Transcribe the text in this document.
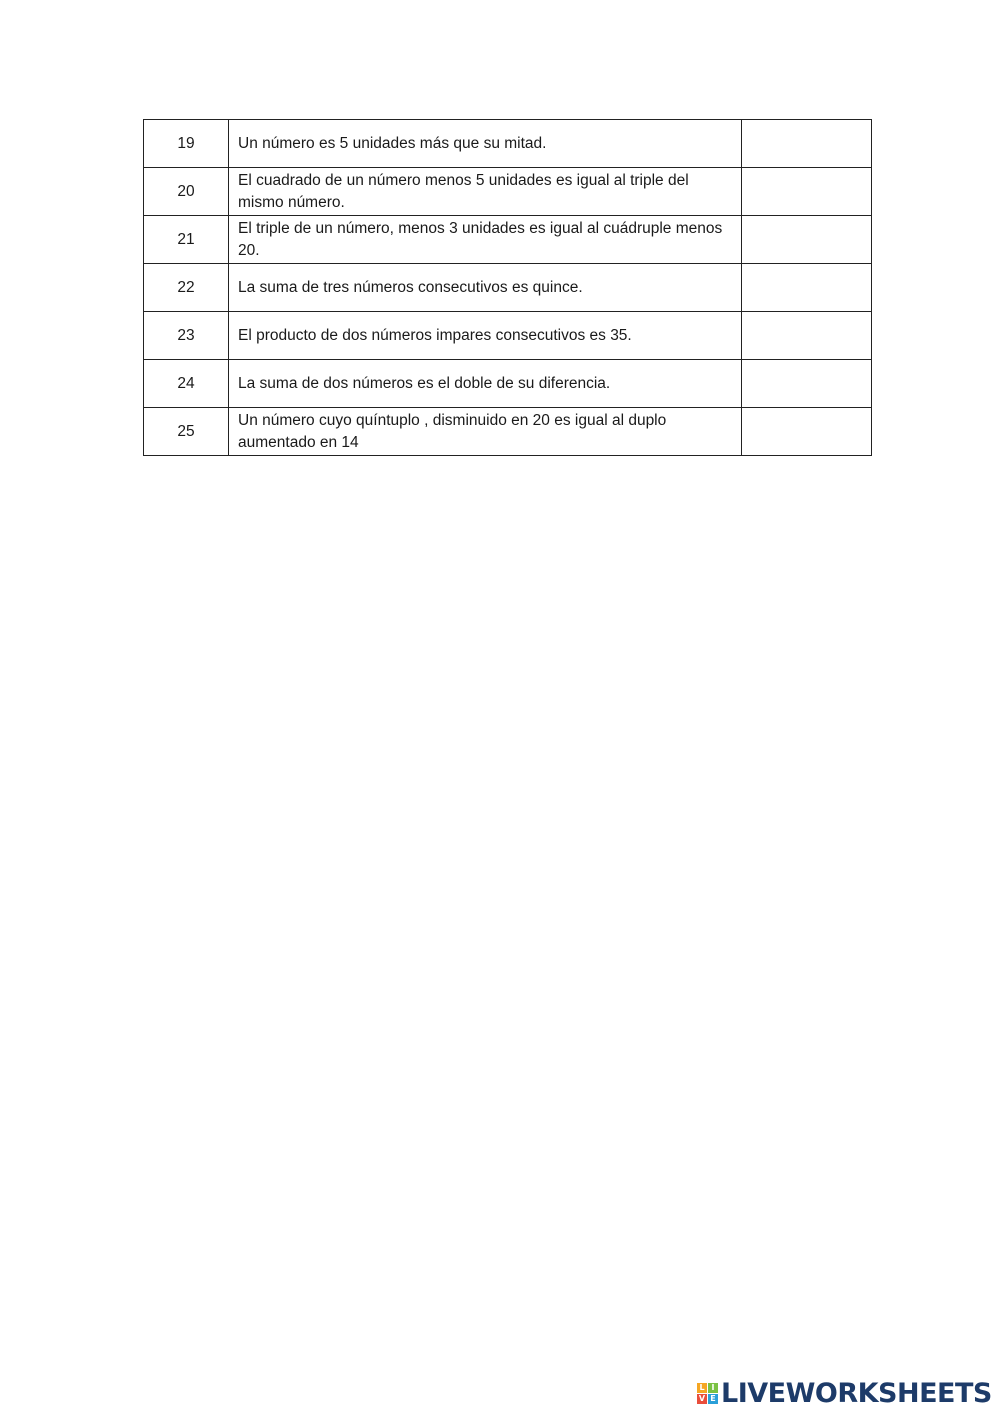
19	Un número es 5 unidades más que su mitad.	

20	El cuadrado de un número menos 5 unidades es igual al triple del mismo número.	

21	El triple de un número, menos 3 unidades es igual al cuádruple menos 20.	

22	La suma de tres números consecutivos es quince.	

23	El producto de dos números impares consecutivos es 35.	

24	La suma de dos números es el doble de su diferencia.	

25	Un número cuyo quíntuplo , disminuido en 20 es igual al duplo aumentado en 14	
L I
V E LIVEWORKSHEETS
